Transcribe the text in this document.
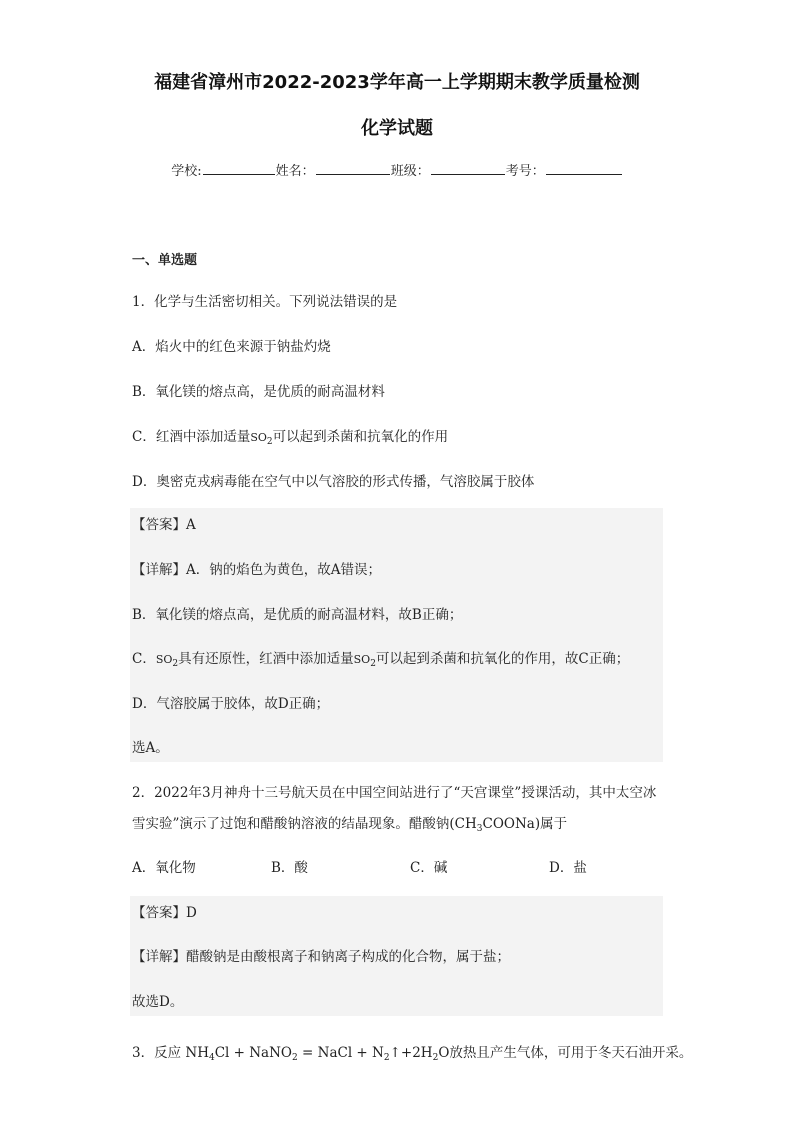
福建省漳州市2022-2023学年高一上学期期末教学质量检测
化学试题
学校:	姓名：	班级：	考号：
一、单选题
1．化学与生活密切相关。下列说法错误的是
A．焰火中的红色来源于钠盐灼烧
B．氧化镁的熔点高，是优质的耐高温材料
C．红酒中添加适量$SO_2$可以起到杀菌和抗氧化的作用
D．奥密克戎病毒能在空气中以气溶胶的形式传播，气溶胶属于胶体
【答案】A
【详解】A．钠的焰色为黄色，故A错误；
B．氧化镁的熔点高，是优质的耐高温材料，故B正确；
C．$SO_2$具有还原性，红酒中添加适量$SO_2$可以起到杀菌和抗氧化的作用，故C正确；
D．气溶胶属于胶体，故D正确；
选A。
2．2022年3月神舟十三号航天员在中国空间站进行了“天宫课堂”授课活动，其中太空冰
雪实验”演示了过饱和醋酸钠溶液的结晶现象。醋酸钠$(CH_3COONa)$属于
A．氧化物	B．酸	C．碱	D．盐
【答案】D
【详解】醋酸钠是由酸根离子和钠离子构成的化合物，属于盐；
故选D。
3．反应 $NH_4Cl$ + NaNO$_2$ = NaCl + $N_2↑+2H_2O$放热且产生气体，可用于冬天石油开采。
